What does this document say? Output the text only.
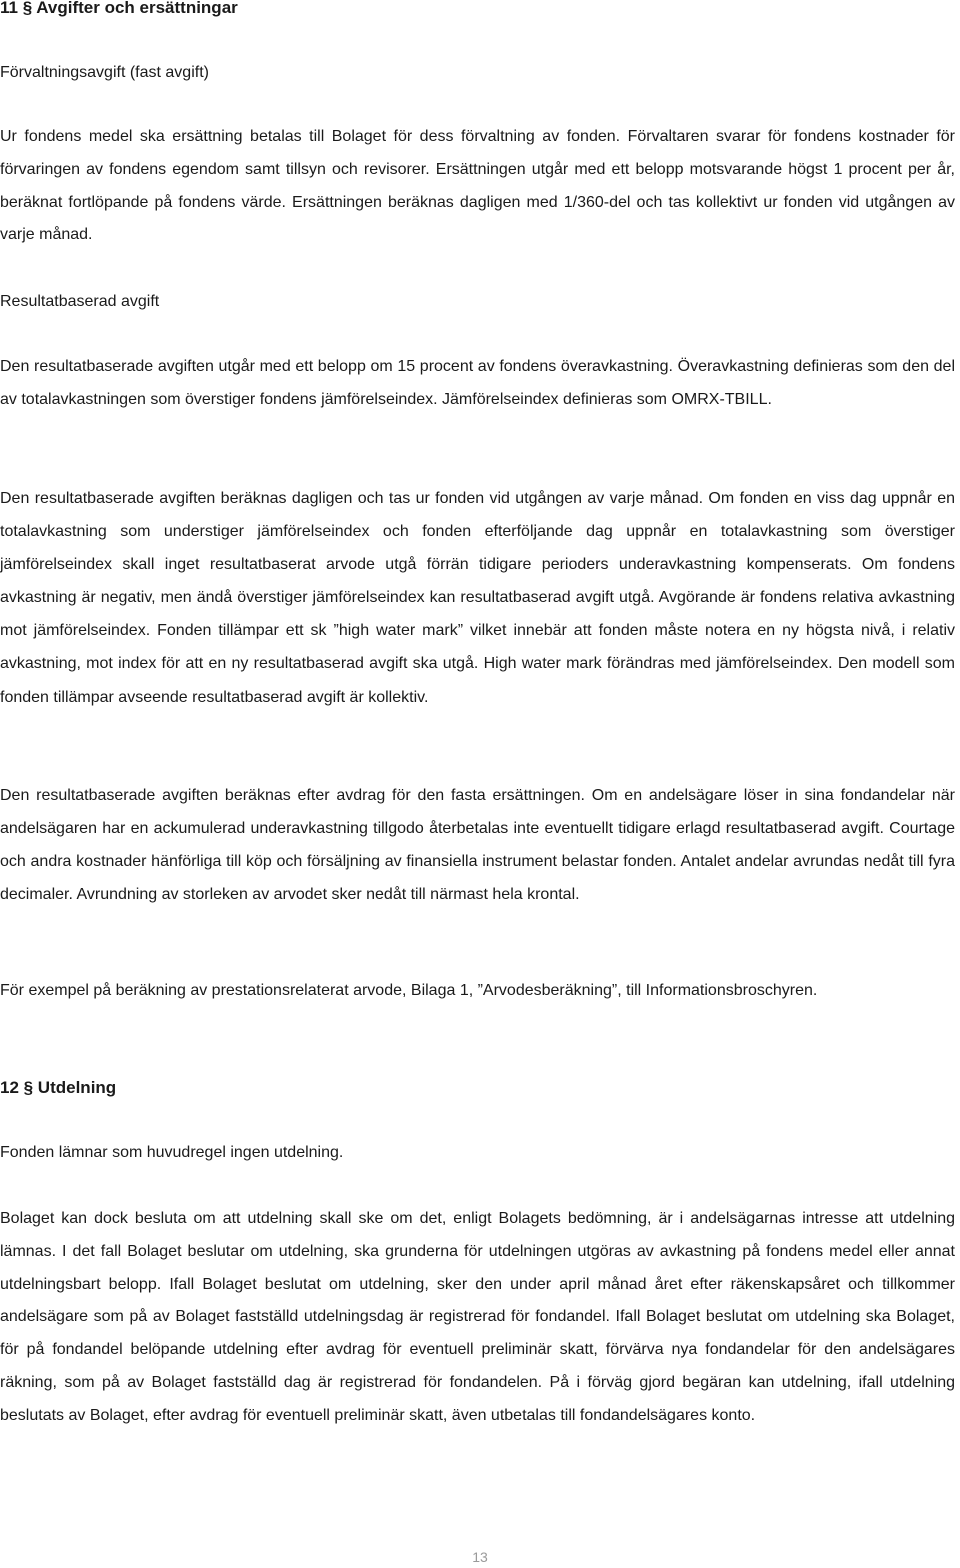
11 § Avgifter och ersättningar
Förvaltningsavgift (fast avgift)
Ur fondens medel ska ersättning betalas till Bolaget för dess förvaltning av fonden. Förvaltaren svarar för fondens kostnader för förvaringen av fondens egendom samt tillsyn och revisorer. Ersättningen utgår med ett belopp motsvarande högst 1 procent per år, beräknat fortlöpande på fondens värde. Ersättningen beräknas dagligen med 1/360-del och tas kollektivt ur fonden vid utgången av varje månad.
Resultatbaserad avgift
Den resultatbaserade avgiften utgår med ett belopp om 15 procent av fondens överavkastning. Överavkastning definieras som den del av totalavkastningen som överstiger fondens jämförelseindex. Jämförelseindex definieras som OMRX-TBILL.
Den resultatbaserade avgiften beräknas dagligen och tas ur fonden vid utgången av varje månad. Om fonden en viss dag uppnår en totalavkastning som understiger jämförelseindex och fonden efterföljande dag uppnår en totalavkastning som överstiger jämförelseindex skall inget resultatbaserat arvode utgå förrän tidigare perioders underavkastning kompenserats. Om fondens avkastning är negativ, men ändå överstiger jämförelseindex kan resultatbaserad avgift utgå. Avgörande är fondens relativa avkastning mot jämförelseindex. Fonden tillämpar ett sk ”high water mark” vilket innebär att fonden måste notera en ny högsta nivå, i relativ avkastning, mot index för att en ny resultatbaserad avgift ska utgå. High water mark förändras med jämförelseindex. Den modell som fonden tillämpar avseende resultatbaserad avgift är kollektiv.
Den resultatbaserade avgiften beräknas efter avdrag för den fasta ersättningen. Om en andelsägare löser in sina fondandelar när andelsägaren har en ackumulerad underavkastning tillgodo återbetalas inte eventuellt tidigare erlagd resultatbaserad avgift. Courtage och andra kostnader hänförliga till köp och försäljning av finansiella instrument belastar fonden. Antalet andelar avrundas nedåt till fyra decimaler. Avrundning av storleken av arvodet sker nedåt till närmast hela krontal.
För exempel på beräkning av prestationsrelaterat arvode, Bilaga 1, ”Arvodesberäkning”, till Informationsbroschyren.
12 § Utdelning
Fonden lämnar som huvudregel ingen utdelning.
Bolaget kan dock besluta om att utdelning skall ske om det, enligt Bolagets bedömning, är i andelsägarnas intresse att utdelning lämnas. I det fall Bolaget beslutar om utdelning, ska grunderna för utdelningen utgöras av avkastning på fondens medel eller annat utdelningsbart belopp. Ifall Bolaget beslutat om utdelning, sker den under april månad året efter räkenskapsåret och tillkommer andelsägare som på av Bolaget fastställd utdelningsdag är registrerad för fondandel. Ifall Bolaget beslutat om utdelning ska Bolaget, för på fondandel belöpande utdelning efter avdrag för eventuell preliminär skatt, förvärva nya fondandelar för den andelsägares räkning, som på av Bolaget fastställd dag är registrerad för fondandelen. På i förväg gjord begäran kan utdelning, ifall utdelning beslutats av Bolaget, efter avdrag för eventuell preliminär skatt, även utbetalas till fondandelsägares konto.
13
